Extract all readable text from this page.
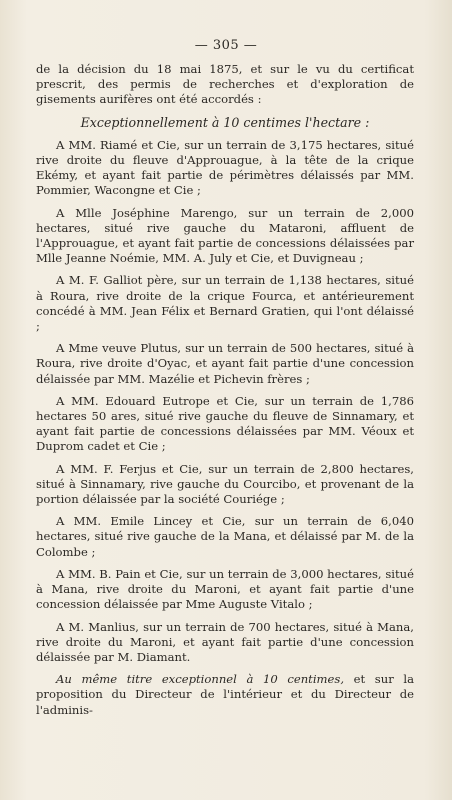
— 305 —

de la décision du 18 mai 1875, et sur le vu du certificat prescrit, des permis de recherches et d'exploration de gisements aurifères ont été accordés :

Exceptionnellement à 10 centimes l'hectare :

A MM. Riamé et Cie, sur un terrain de 3,175 hectares, situé rive droite du fleuve d'Approuague, à la tête de la crique Ekémy, et ayant fait partie de périmètres délaissés par MM. Pommier, Wacongne et Cie ;

A Mlle Joséphine Marengo, sur un terrain de 2,000 hectares, situé rive gauche du Mataroni, affluent de l'Approuague, et ayant fait partie de concessions délaissées par Mlle Jeanne Noémie, MM. A. July et Cie, et Duvigneau ;

A M. F. Galliot père, sur un terrain de 1,138 hectares, situé à Roura, rive droite de la crique Fourca, et antérieurement concédé à MM. Jean Félix et Bernard Gratien, qui l'ont délaissé ;

A Mme veuve Plutus, sur un terrain de 500 hectares, situé à Roura, rive droite d'Oyac, et ayant fait partie d'une concession délaissée par MM. Mazélie et Pichevin frères ;

A MM. Edouard Eutrope et Cie, sur un terrain de 1,786 hectares 50 ares, situé rive gauche du fleuve de Sinnamary, et ayant fait partie de concessions délaissées par MM. Véoux et Duprom cadet et Cie ;

A MM. F. Ferjus et Cie, sur un terrain de 2,800 hectares, situé à Sinnamary, rive gauche du Courcibo, et provenant de la portion délaissée par la société Couriége ;

A MM. Emile Lincey et Cie, sur un terrain de 6,040 hectares, situé rive gauche de la Mana, et délaissé par M. de la Colombe ;

A MM. B. Pain et Cie, sur un terrain de 3,000 hectares, situé à Mana, rive droite du Maroni, et ayant fait partie d'une concession délaissée par Mme Auguste Vitalo ;

A M. Manlius, sur un terrain de 700 hectares, situé à Mana, rive droite du Maroni, et ayant fait partie d'une concession délaissée par M. Diamant.

Au même titre exceptionnel à 10 centimes, et sur la proposition du Directeur de l'intérieur et du Directeur de l'adminis-
